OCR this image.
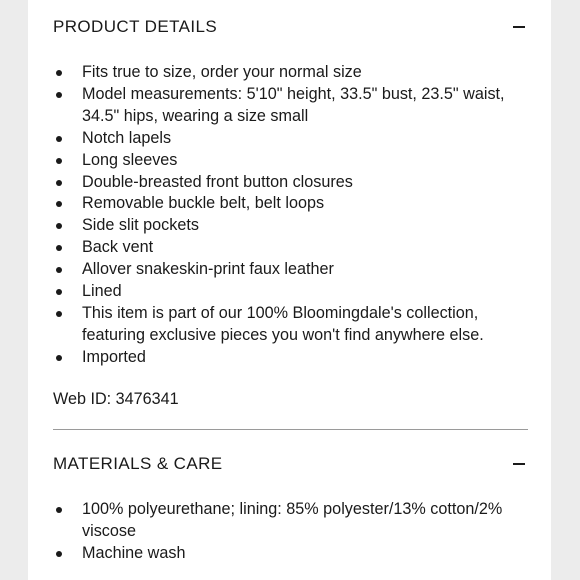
PRODUCT DETAILS
Fits true to size, order your normal size
Model measurements: 5'10" height, 33.5" bust, 23.5" waist, 34.5" hips, wearing a size small
Notch lapels
Long sleeves
Double-breasted front button closures
Removable buckle belt, belt loops
Side slit pockets
Back vent
Allover snakeskin-print faux leather
Lined
This item is part of our 100% Bloomingdale's collection, featuring exclusive pieces you won't find anywhere else.
Imported
Web ID: 3476341
MATERIALS & CARE
100% polyeurethane; lining: 85% polyester/13% cotton/2% viscose
Machine wash
